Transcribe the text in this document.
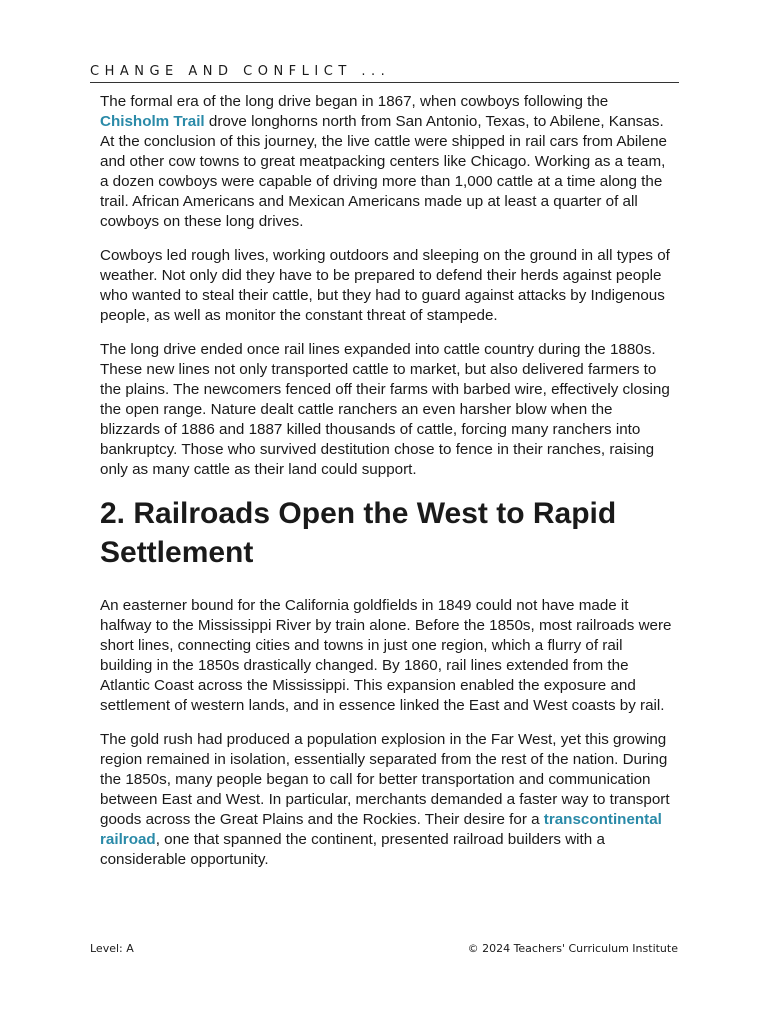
CHANGE AND CONFLICT ...

The formal era of the long drive began in 1867, when cowboys following the Chisholm Trail drove longhorns north from San Antonio, Texas, to Abilene, Kansas. At the conclusion of this journey, the live cattle were shipped in rail cars from Abilene and other cow towns to great meatpacking centers like Chicago. Working as a team, a dozen cowboys were capable of driving more than 1,000 cattle at a time along the trail. African Americans and Mexican Americans made up at least a quarter of all cowboys on these long drives.

Cowboys led rough lives, working outdoors and sleeping on the ground in all types of weather. Not only did they have to be prepared to defend their herds against people who wanted to steal their cattle, but they had to guard against attacks by Indigenous people, as well as monitor the constant threat of stampede.

The long drive ended once rail lines expanded into cattle country during the 1880s. These new lines not only transported cattle to market, but also delivered farmers to the plains. The newcomers fenced off their farms with barbed wire, effectively closing the open range. Nature dealt cattle ranchers an even harsher blow when the blizzards of 1886 and 1887 killed thousands of cattle, forcing many ranchers into bankruptcy. Those who survived destitution chose to fence in their ranches, raising only as many cattle as their land could support.

2. Railroads Open the West to Rapid Settlement

An easterner bound for the California goldfields in 1849 could not have made it halfway to the Mississippi River by train alone. Before the 1850s, most railroads were short lines, connecting cities and towns in just one region, which a flurry of rail building in the 1850s drastically changed. By 1860, rail lines extended from the Atlantic Coast across the Mississippi. This expansion enabled the exposure and settlement of western lands, and in essence linked the East and West coasts by rail.

The gold rush had produced a population explosion in the Far West, yet this growing region remained in isolation, essentially separated from the rest of the nation. During the 1850s, many people began to call for better transportation and communication between East and West. In particular, merchants demanded a faster way to transport goods across the Great Plains and the Rockies. Their desire for a transcontinental railroad, one that spanned the continent, presented railroad builders with a considerable opportunity.

Level: A	© 2024 Teachers' Curriculum Institute
